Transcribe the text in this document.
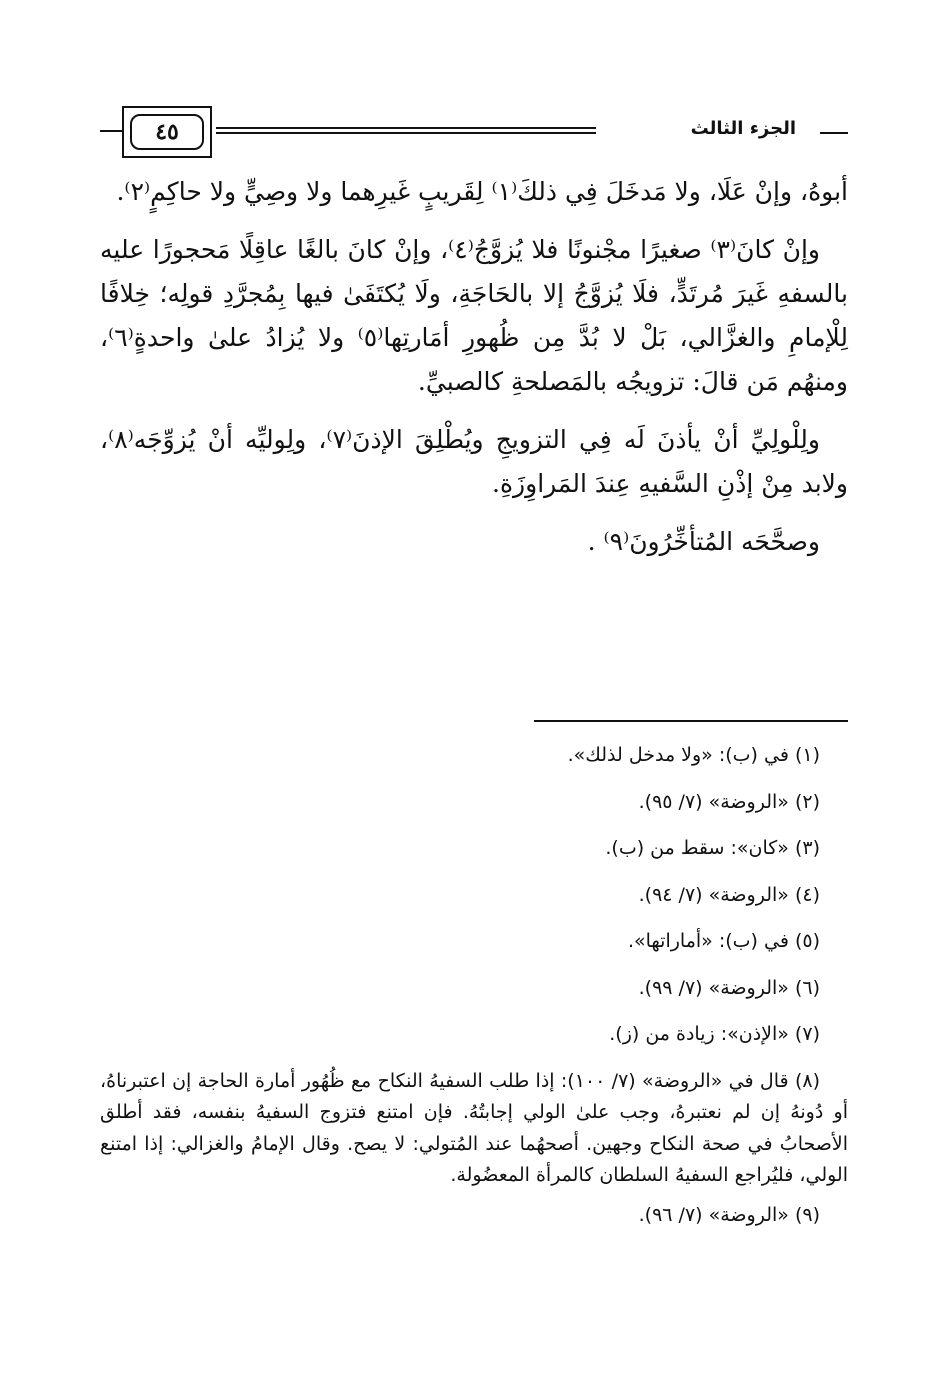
الجزء الثالث
٤٥

أبوهُ، وإنْ عَلَا، ولا مَدخَلَ فِي ذلكَ⁽١⁾ لِقَريبٍ غَيرِهما ولا وصِيٍّ ولا حاكِمٍ⁽٢⁾.

وإنْ كانَ⁽٣⁾ صغيرًا مجْنونًا فلا يُزوَّجُ⁽٤⁾، وإنْ كانَ بالغًا عاقِلًا مَحجورًا عليه بالسفهِ غَيرَ مُرتَدٍّ، فلَا يُزوَّجُ إلا بالحَاجَةِ، ولَا يُكتَفَىٰ فيها بِمُجرَّدِ قولِه؛ خِلافًا لِلْإمامِ والغزَّالي، بَلْ لا بُدَّ مِن ظُهورِ أمَارتِها⁽٥⁾ ولا يُزادُ علىٰ واحدةٍ⁽٦⁾، ومنهُم مَن قالَ: تزويجُه بالمَصلحةِ كالصبيِّ.

ولِلْولِيِّ أنْ يأذنَ لَه فِي التزويجِ ويُطْلِقَ الإذنَ⁽٧⁾، ولِوليِّه أنْ يُزوِّجَه⁽٨⁾، ولابد مِنْ إذْنِ السَّفيهِ عِندَ المَراوِزَةِ.

وصحَّحَه المُتأخِّرُونَ⁽٩⁾ .

(١) في (ب): «ولا مدخل لذلك».

(٢) «الروضة» (٧/ ٩٥).

(٣) «كان»: سقط من (ب).

(٤) «الروضة» (٧/ ٩٤).

(٥) في (ب): «أماراتها».

(٦) «الروضة» (٧/ ٩٩).

(٧) «الإذن»: زيادة من (ز).

(٨) قال في «الروضة» (٧/ ١٠٠): إذا طلب السفيهُ النكاح مع ظُهُور أمارة الحاجة إن اعتبرناهُ، أو دُونهُ إن لم نعتبرهُ، وجب علىٰ الولي إجابتُهُ. فإن امتنع فتزوج السفيهُ بنفسه، فقد أطلق الأصحابُ في صحة النكاح وجهين. أصحهُما عند المُتولي: لا يصح. وقال الإمامُ والغزالي: إذا امتنع الولي، فليُراجع السفيهُ السلطان كالمرأة المعضُولة.

(٩) «الروضة» (٧/ ٩٦).
